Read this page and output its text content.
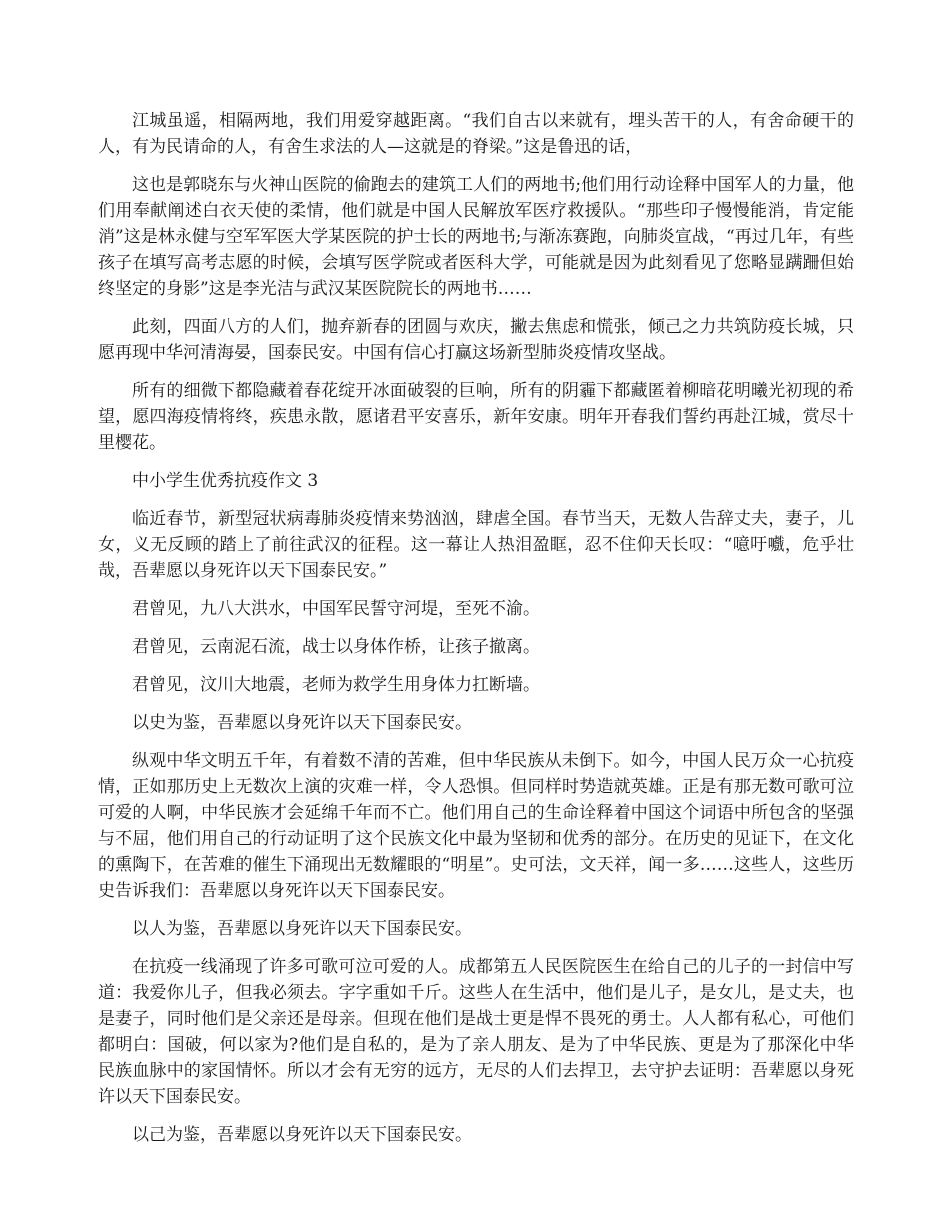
江城虽遥，相隔两地，我们用爱穿越距离。“我们自古以来就有，埋头苦干的人，有舍命硬干的人，有为民请命的人，有舍生求法的人—这就是的脊梁。”这是鲁迅的话，

这也是郭晓东与火神山医院的偷跑去的建筑工人们的两地书;他们用行动诠释中国军人的力量，他们用奉献阐述白衣天使的柔情，他们就是中国人民解放军医疗救援队。“那些印子慢慢能消，肯定能消”这是林永健与空军军医大学某医院的护士长的两地书;与渐冻赛跑，向肺炎宣战，“再过几年，有些孩子在填写高考志愿的时候，会填写医学院或者医科大学，可能就是因为此刻看见了您略显蹒跚但始终坚定的身影”这是李光洁与武汉某医院院长的两地书……

此刻，四面八方的人们，抛弃新春的团圆与欢庆，撇去焦虑和慌张，倾己之力共筑防疫长城，只愿再现中华河清海晏，国泰民安。中国有信心打赢这场新型肺炎疫情攻坚战。

所有的细微下都隐藏着春花绽开冰面破裂的巨响，所有的阴霾下都藏匿着柳暗花明曦光初现的希望，愿四海疫情将终，疾患永散，愿诸君平安喜乐，新年安康。明年开春我们誓约再赴江城，赏尽十里樱花。

中小学生优秀抗疫作文 3

临近春节，新型冠状病毒肺炎疫情来势汹汹，肆虐全国。春节当天，无数人告辞丈夫，妻子，儿女，义无反顾的踏上了前往武汉的征程。这一幕让人热泪盈眶，忍不住仰天长叹：“噫吁嚱，危乎壮哉，吾辈愿以身死许以天下国泰民安。”

君曾见，九八大洪水，中国军民誓守河堤，至死不渝。

君曾见，云南泥石流，战士以身体作桥，让孩子撤离。

君曾见，汶川大地震，老师为救学生用身体力扛断墙。

以史为鉴，吾辈愿以身死许以天下国泰民安。

纵观中华文明五千年，有着数不清的苦难，但中华民族从未倒下。如今，中国人民万众一心抗疫情，正如那历史上无数次上演的灾难一样，令人恐惧。但同样时势造就英雄。正是有那无数可歌可泣可爱的人啊，中华民族才会延绵千年而不亡。他们用自己的生命诠释着中国这个词语中所包含的坚强与不屈，他们用自己的行动证明了这个民族文化中最为坚韧和优秀的部分。在历史的见证下，在文化的熏陶下，在苦难的催生下涌现出无数耀眼的“明星”。史可法，文天祥，闻一多……这些人，这些历史告诉我们：吾辈愿以身死许以天下国泰民安。

以人为鉴，吾辈愿以身死许以天下国泰民安。

在抗疫一线涌现了许多可歌可泣可爱的人。成都第五人民医院医生在给自己的儿子的一封信中写道：我爱你儿子，但我必须去。字字重如千斤。这些人在生活中，他们是儿子，是女儿，是丈夫，也是妻子，同时他们是父亲还是母亲。但现在他们是战士更是悍不畏死的勇士。人人都有私心，可他们都明白：国破，何以家为?他们是自私的，是为了亲人朋友、是为了中华民族、更是为了那深化中华民族血脉中的家国情怀。所以才会有无穷的远方，无尽的人们去捍卫，去守护去证明：吾辈愿以身死许以天下国泰民安。

以己为鉴，吾辈愿以身死许以天下国泰民安。
